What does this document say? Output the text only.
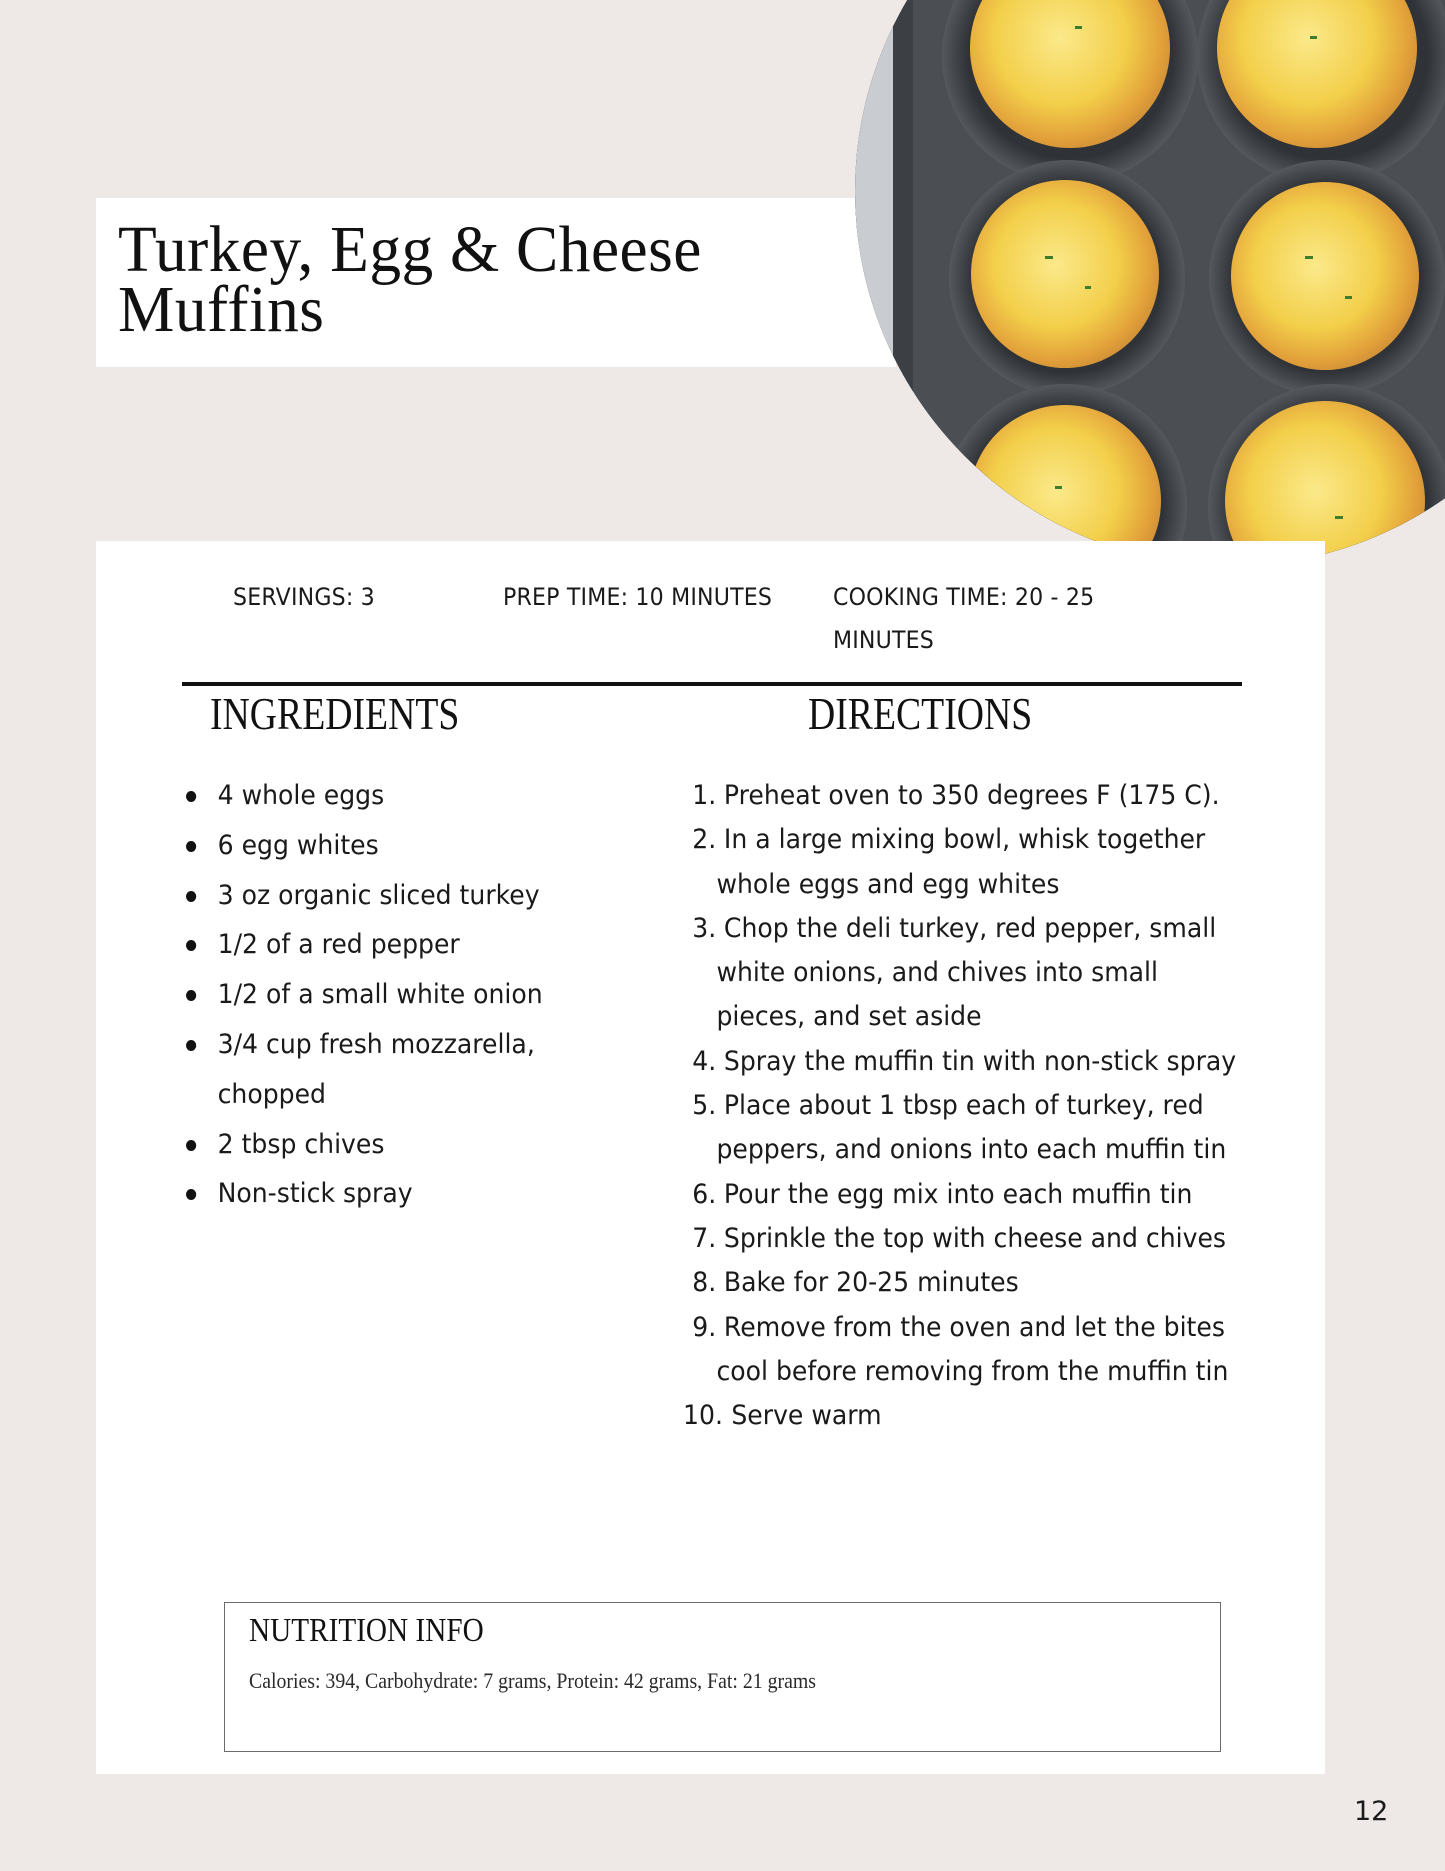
Turkey, Egg & Cheese Muffins
SERVINGS: 3	PREP TIME: 10 MINUTES	COOKING TIME: 20 - 25
MINUTES
INGREDIENTS	DIRECTIONS
4 whole eggs
6 egg whites
3 oz organic sliced turkey
1/2 of a red pepper
1/2 of a small white onion
3/4 cup fresh mozzarella,
chopped
2 tbsp chives
Non-stick spray
1. Preheat oven to 350 degrees F (175 C).
2. In a large mixing bowl, whisk together
whole eggs and egg whites
3. Chop the deli turkey, red pepper, small
white onions, and chives into small
pieces, and set aside
4. Spray the muffin tin with non-stick spray
5. Place about 1 tbsp each of turkey, red
peppers, and onions into each muffin tin
6. Pour the egg mix into each muffin tin
7. Sprinkle the top with cheese and chives
8. Bake for 20-25 minutes
9. Remove from the oven and let the bites
cool before removing from the muffin tin
10. Serve warm
NUTRITION INFO
Calories: 394, Carbohydrate: 7 grams, Protein: 42 grams, Fat: 21 grams
12
